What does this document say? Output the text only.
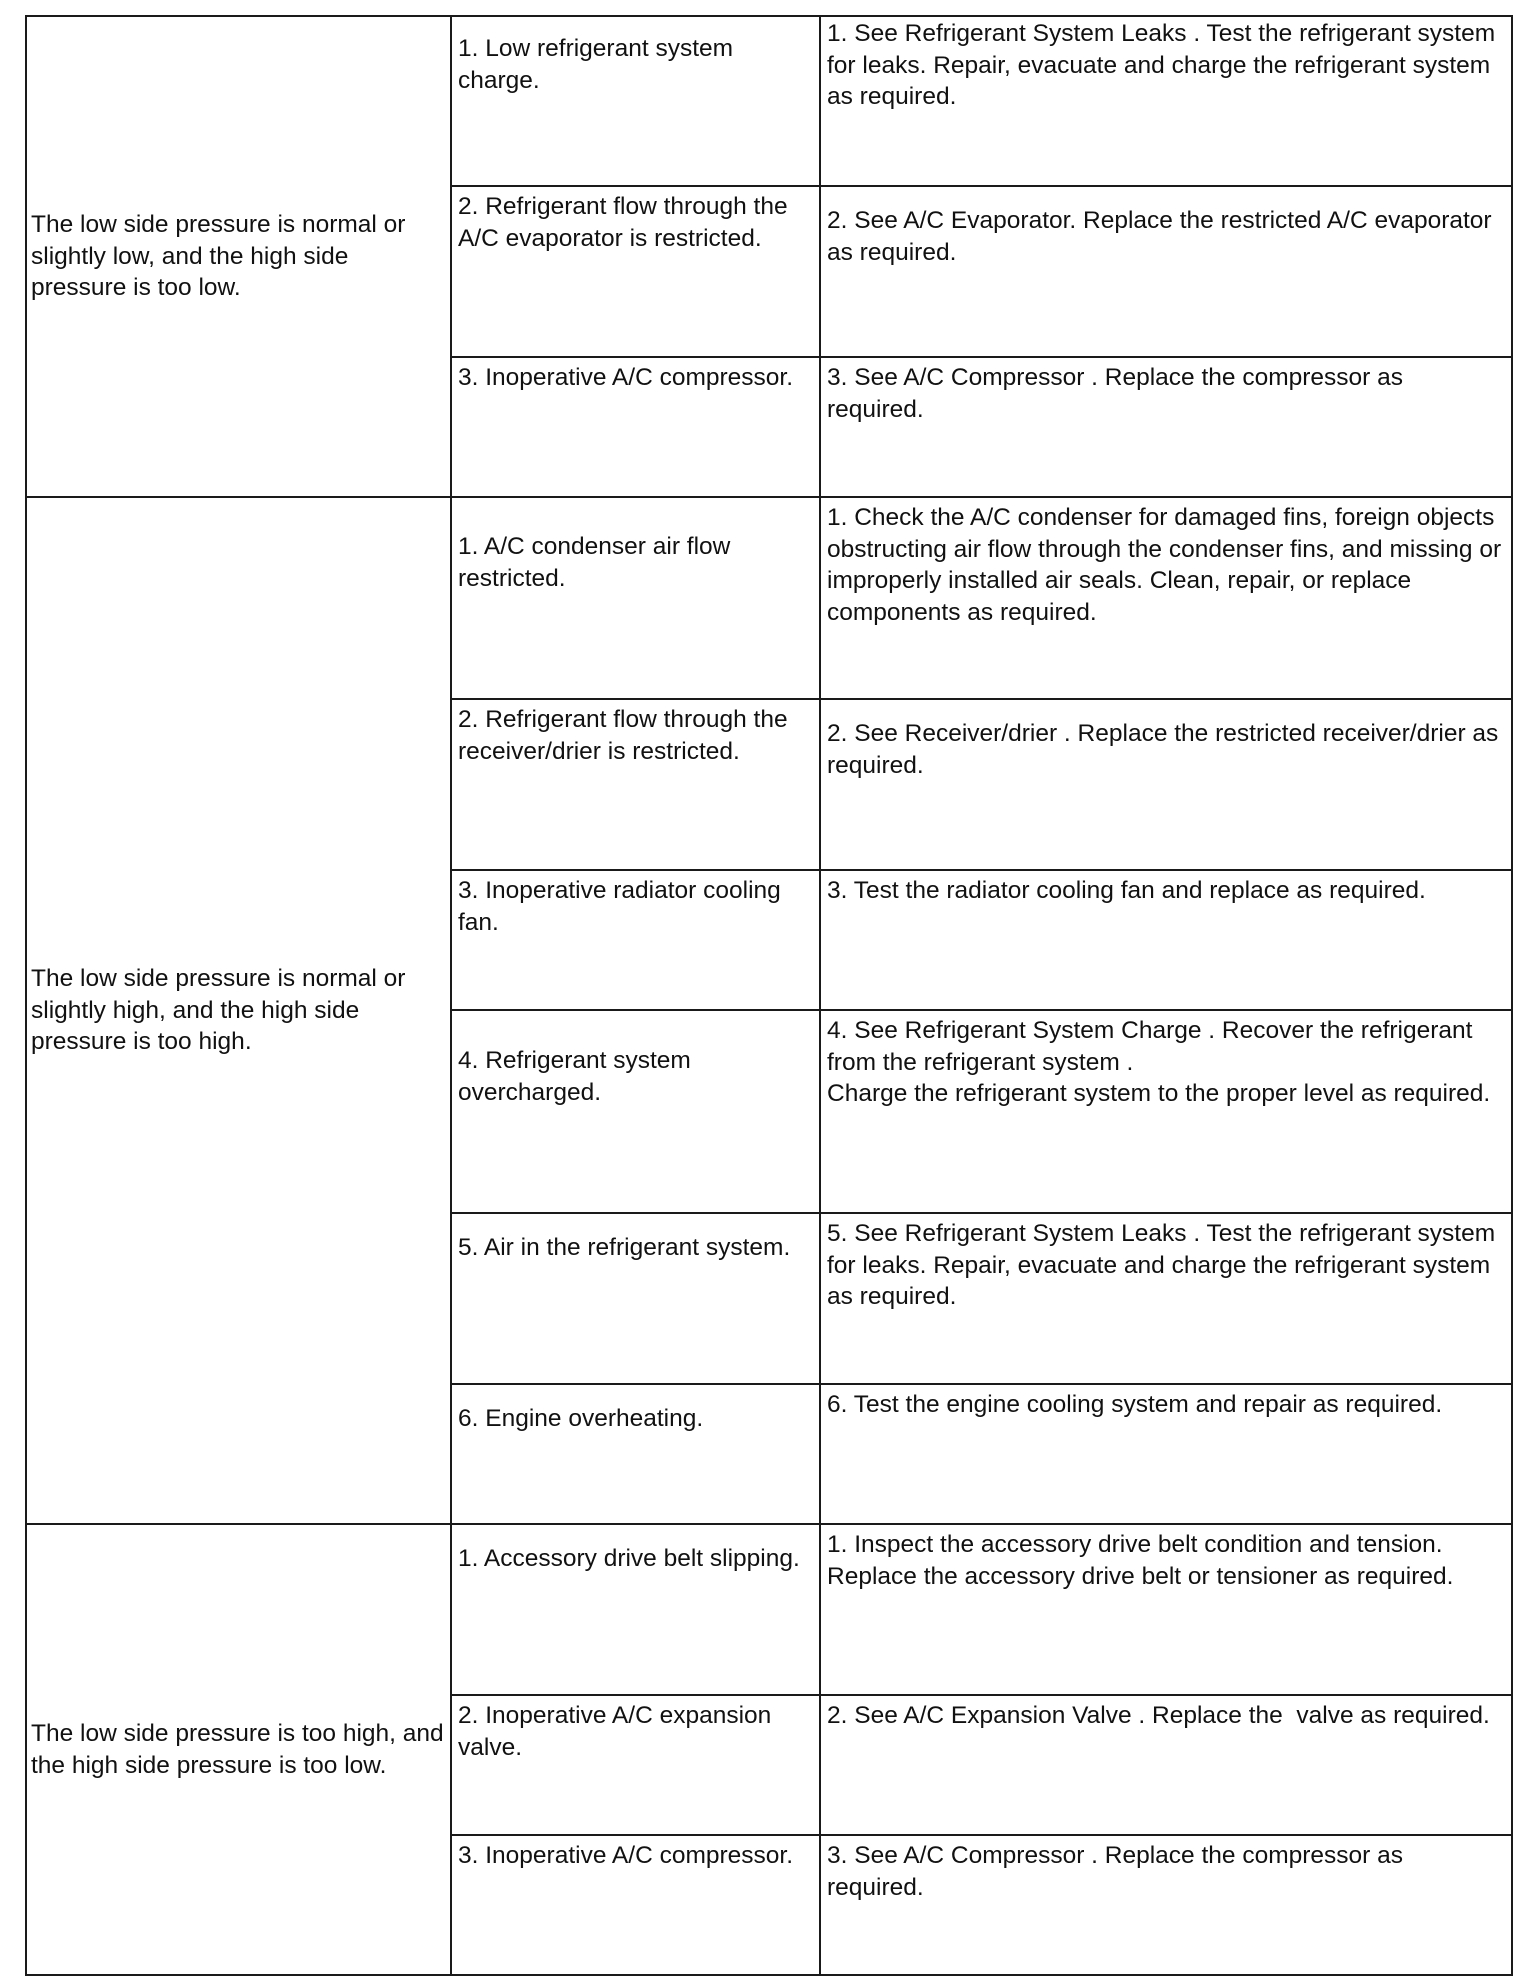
The low side pressure is normal or slightly low, and the high side pressure is too low.	1. Low refrigerant system charge.	1. See Refrigerant System Leaks . Test the refrigerant system for leaks. Repair, evacuate and charge the refrigerant system as required.

	2. Refrigerant flow through the A/C evaporator is restricted.	2. See A/C Evaporator. Replace the restricted A/C evaporator as required.

	3. Inoperative A/C compressor.	3. See A/C Compressor . Replace the compressor as required.

The low side pressure is normal or slightly high, and the high side pressure is too high.	1. A/C condenser air flow restricted.	1. Check the A/C condenser for damaged fins, foreign objects obstructing air flow through the condenser fins, and missing or improperly installed air seals. Clean, repair, or replace components as required.

	2. Refrigerant flow through the receiver/drier is restricted.	2. See Receiver/drier . Replace the restricted receiver/drier as required.

	3. Inoperative radiator cooling fan.	3. Test the radiator cooling fan and replace as required.

	4. Refrigerant system overcharged.	4. See Refrigerant System Charge . Recover the refrigerant from the refrigerant system .
Charge the refrigerant system to the proper level as required.

	5. Air in the refrigerant system.	5. See Refrigerant System Leaks . Test the refrigerant system for leaks. Repair, evacuate and charge the refrigerant system as required.

	6. Engine overheating.	6. Test the engine cooling system and repair as required.

The low side pressure is too high, and the high side pressure is too low.	1. Accessory drive belt slipping.	1. Inspect the accessory drive belt condition and tension. Replace the accessory drive belt or tensioner as required.

	2. Inoperative A/C expansion valve.	2. See A/C Expansion Valve . Replace the  valve as required.

	3. Inoperative A/C compressor.	3. See A/C Compressor . Replace the compressor as required.
